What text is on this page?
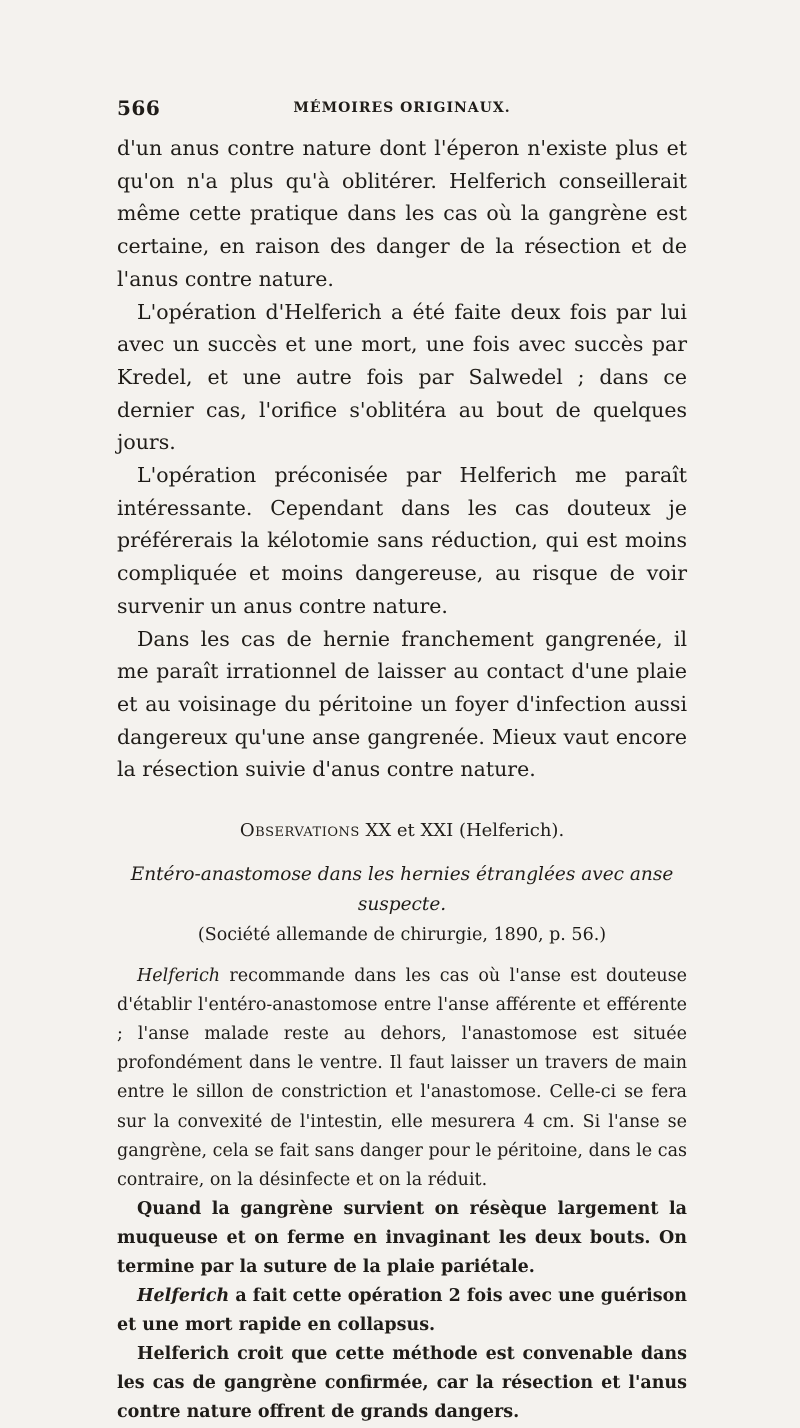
566	MÉMOIRES ORIGINAUX.

d'un anus contre nature dont l'éperon n'existe plus et qu'on n'a plus qu'à oblitérer. Helferich conseillerait même cette pratique dans les cas où la gangrène est certaine, en raison des danger de la résection et de l'anus contre nature.

L'opération d'Helferich a été faite deux fois par lui avec un succès et une mort, une fois avec succès par Kredel, et une autre fois par Salwedel ; dans ce dernier cas, l'orifice s'oblitéra au bout de quelques jours.

L'opération préconisée par Helferich me paraît intéressante. Cependant dans les cas douteux je préférerais la kélotomie sans réduction, qui est moins compliquée et moins dangereuse, au risque de voir survenir un anus contre nature.

Dans les cas de hernie franchement gangrenée, il me paraît irrationnel de laisser au contact d'une plaie et au voisinage du péritoine un foyer d'infection aussi dangereux qu'une anse gangrenée. Mieux vaut encore la résection suivie d'anus contre nature.

Observations XX et XXI (Helferich).

Entéro-anastomose dans les hernies étranglées avec anse suspecte.

(Société allemande de chirurgie, 1890, p. 56.)

Helferich recommande dans les cas où l'anse est douteuse d'établir l'entéro-anastomose entre l'anse afférente et efférente ; l'anse malade reste au dehors, l'anastomose est située profondément dans le ventre. Il faut laisser un travers de main entre le sillon de constriction et l'anastomose. Celle-ci se fera sur la convexité de l'intestin, elle mesurera 4 cm. Si l'anse se gangrène, cela se fait sans danger pour le péritoine, dans le cas contraire, on la désinfecte et on la réduit.

Quand la gangrène survient on résèque largement la muqueuse et on ferme en invaginant les deux bouts. On termine par la suture de la plaie pariétale.

Helferich a fait cette opération 2 fois avec une guérison et une mort rapide en collapsus.

Helferich croit que cette méthode est convenable dans les cas de gangrène confirmée, car la résection et l'anus contre nature offrent de grands dangers.
